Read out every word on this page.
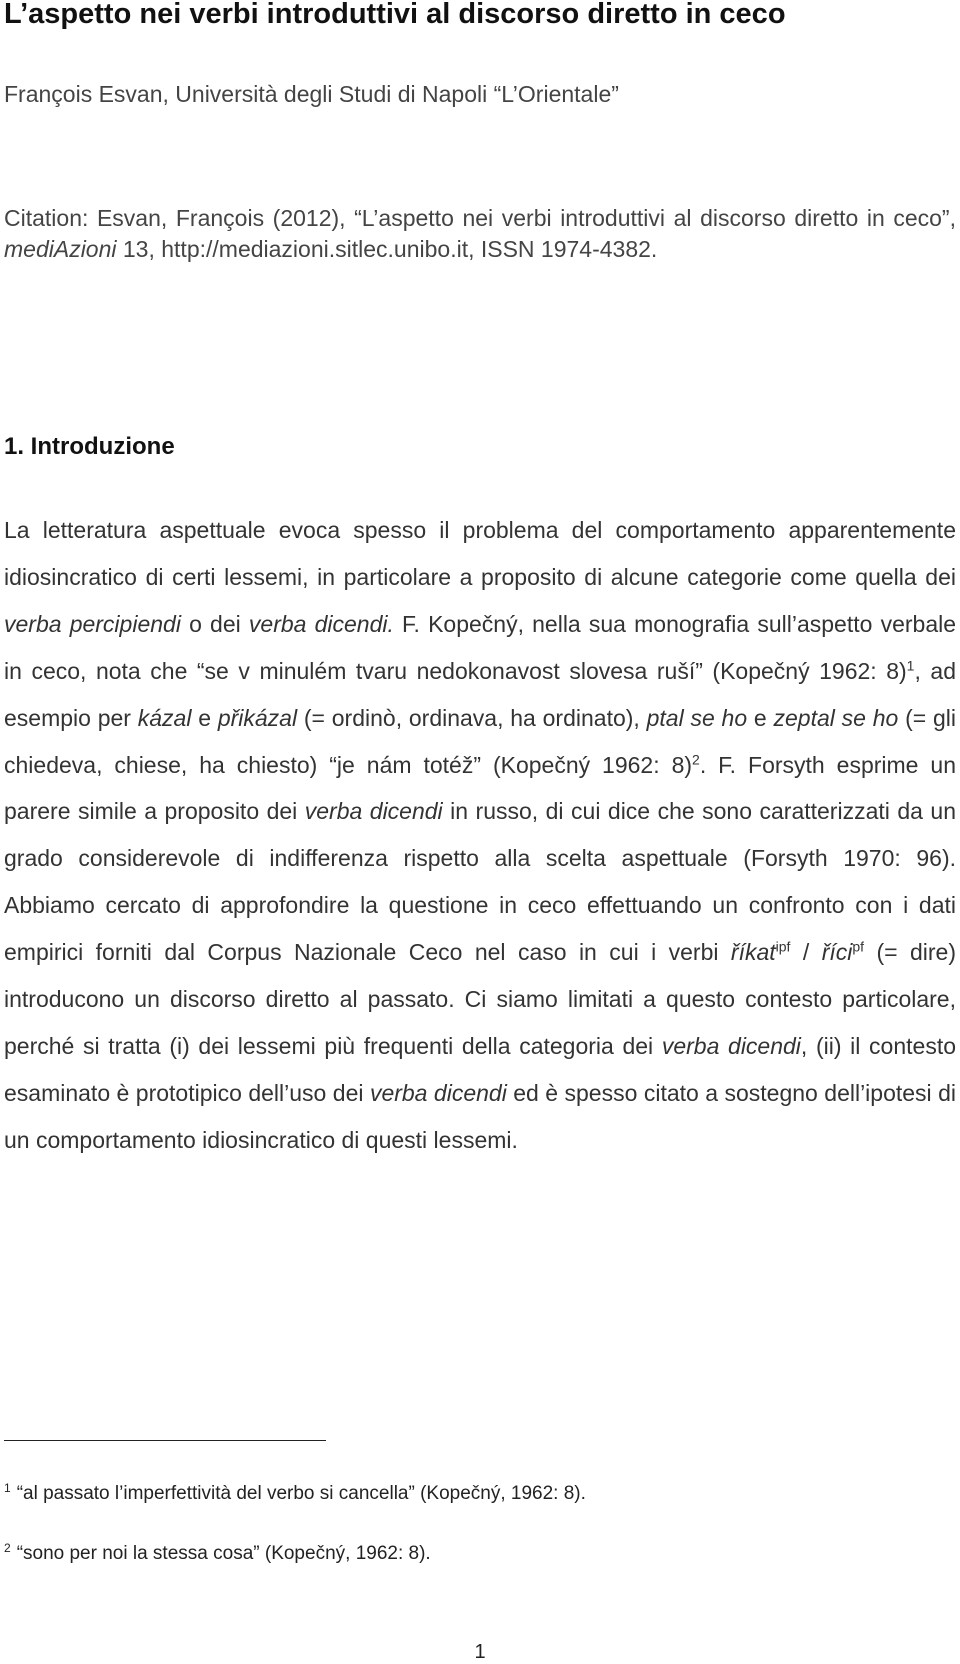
L’aspetto nei verbi introduttivi al discorso diretto in ceco

François Esvan, Università degli Studi di Napoli “L’Orientale”

Citation: Esvan, François (2012), “L’aspetto nei verbi introduttivi al discorso diretto in ceco”, mediAzioni 13, http://mediazioni.sitlec.unibo.it, ISSN 1974-4382.

1. Introduzione

La letteratura aspettuale evoca spesso il problema del comportamento apparentemente idiosincratico di certi lessemi, in particolare a proposito di alcune categorie come quella dei verba percipiendi o dei verba dicendi. F. Kopečný, nella sua monografia sull’aspetto verbale in ceco, nota che “se v minulém tvaru nedokonavost slovesa ruší” (Kopečný 1962: 8)$^1$, ad esempio per kázal e přikázal (= ordinò, ordinava, ha ordinato), ptal se ho e zeptal se ho (= gli chiedeva, chiese, ha chiesto) “je nám totéž” (Kopečný 1962: 8)$^2$. F. Forsyth esprime un parere simile a proposito dei verba dicendi in russo, di cui dice che sono caratterizzati da un grado considerevole di indifferenza rispetto alla scelta aspettuale (Forsyth 1970: 96). Abbiamo cercato di approfondire la questione in ceco effettuando un confronto con i dati empirici forniti dal Corpus Nazionale Ceco nel caso in cui i verbi říkat$^{ipf}$ / říci$^{pf}$ (= dire) introducono un discorso diretto al passato. Ci siamo limitati a questo contesto particolare, perché si tratta (i) dei lessemi più frequenti della categoria dei verba dicendi, (ii) il contesto esaminato è prototipico dell’uso dei verba dicendi ed è spesso citato a sostegno dell’ipotesi di un comportamento idiosincratico di questi lessemi.

$^1$ “al passato l’imperfettività del verbo si cancella” (Kopečný, 1962: 8).

$^2$ “sono per noi la stessa cosa” (Kopečný, 1962: 8).

1
